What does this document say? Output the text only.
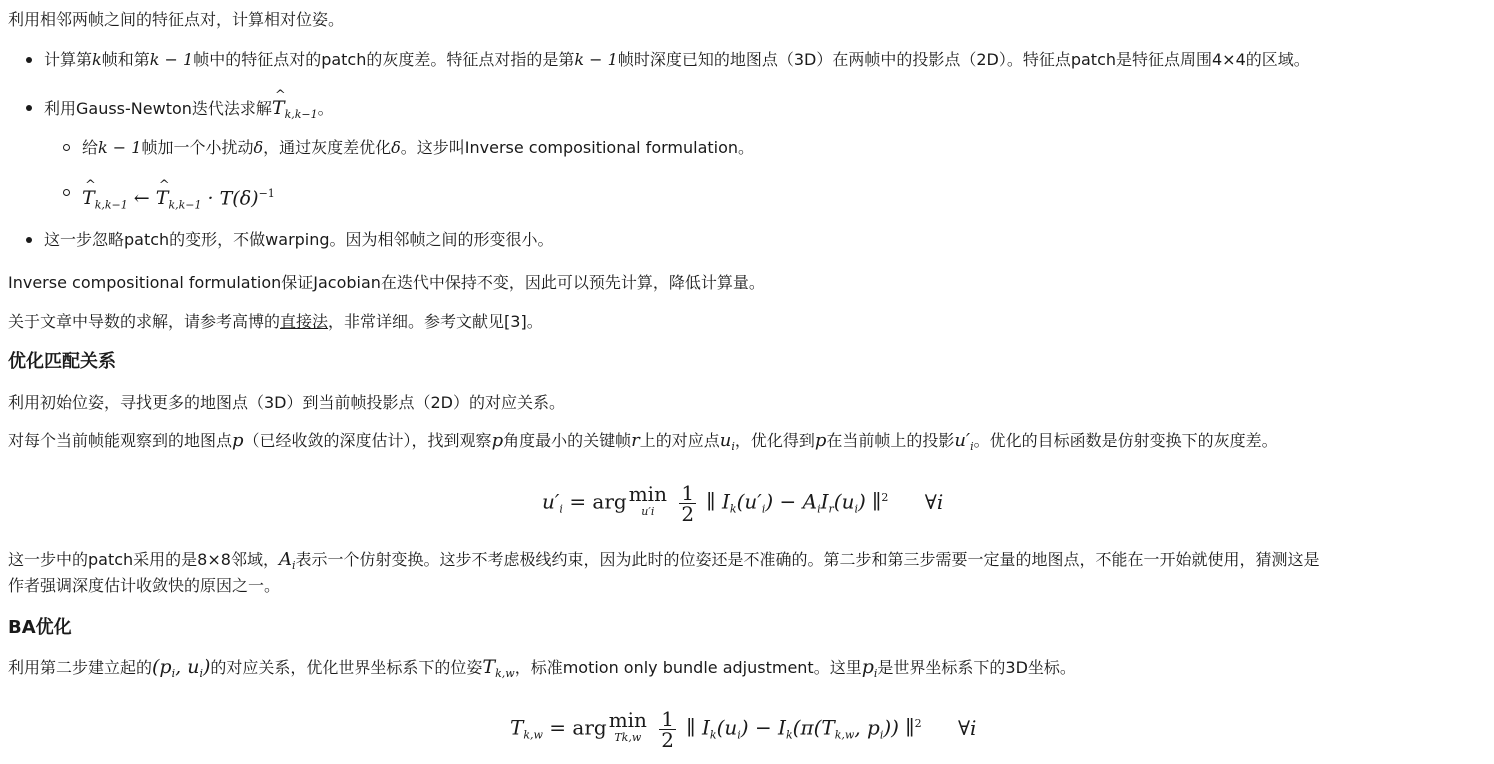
利用相邻两帧之间的特征点对，计算相对位姿。
计算第k帧和第k − 1帧中的特征点对的patch的灰度差。特征点对指的是第k − 1帧时深度已知的地图点（3D）在两帧中的投影点（2D）。特征点patch是特征点周围4×4的区域。
利用Gauss-Newton迭代法求解^ $T_{k,k-1}$。
给k − 1帧加一个小扰动δ，通过灰度差优化δ。这步叫Inverse compositional formulation。
^ $T_{k,k-1}$ ← ^ $T_{k,k-1} \cdot T(\delta)^{-1}$
这一步忽略patch的变形，不做warping。因为相邻帧之间的形变很小。
Inverse compositional formulation保证Jacobian在迭代中保持不变，因此可以预先计算，降低计算量。
关于文章中导数的求解，请参考高博的直接法，非常详细。参考文献见[3]。
优化匹配关系
利用初始位姿，寻找更多的地图点（3D）到当前帧投影点（2D）的对应关系。
对每个当前帧能观察到的地图点p（已经收敛的深度估计），找到观察p角度最小的关键帧r上的对应点$u_i$，优化得到p在当前帧上的投影$u'_i$。优化的目标函数是仿射变换下的灰度差。
$u'_i$ = arg min
u′i
	$\frac{1}{2}$ ∥ $I_k(u'_i) - A_iI_r(u_i)$ ∥$^2$ ∀i
这一步中的patch采用的是8×8邻域，$A_i$表示一个仿射变换。这步不考虑极线约束，因为此时的位姿还是不准确的。第二步和第三步需要一定量的地图点，不能在一开始就使用，猜测这是
作者强调深度估计收敛快的原因之一。
BA优化
利用第二步建立起的($p_i$, $u_i$)的对应关系，优化世界坐标系下的位姿$T_{k,w}$，标准motion only bundle adjustment。这里$p_i$是世界坐标系下的3D坐标。
$T_{k,w}$ = arg min
Tk,w
$\frac{1}{2}$ ∥ $I_k(u_i) - I_k(\pi(T_{k,w}$, $p_i$)) ∥$^2$ ∀i
